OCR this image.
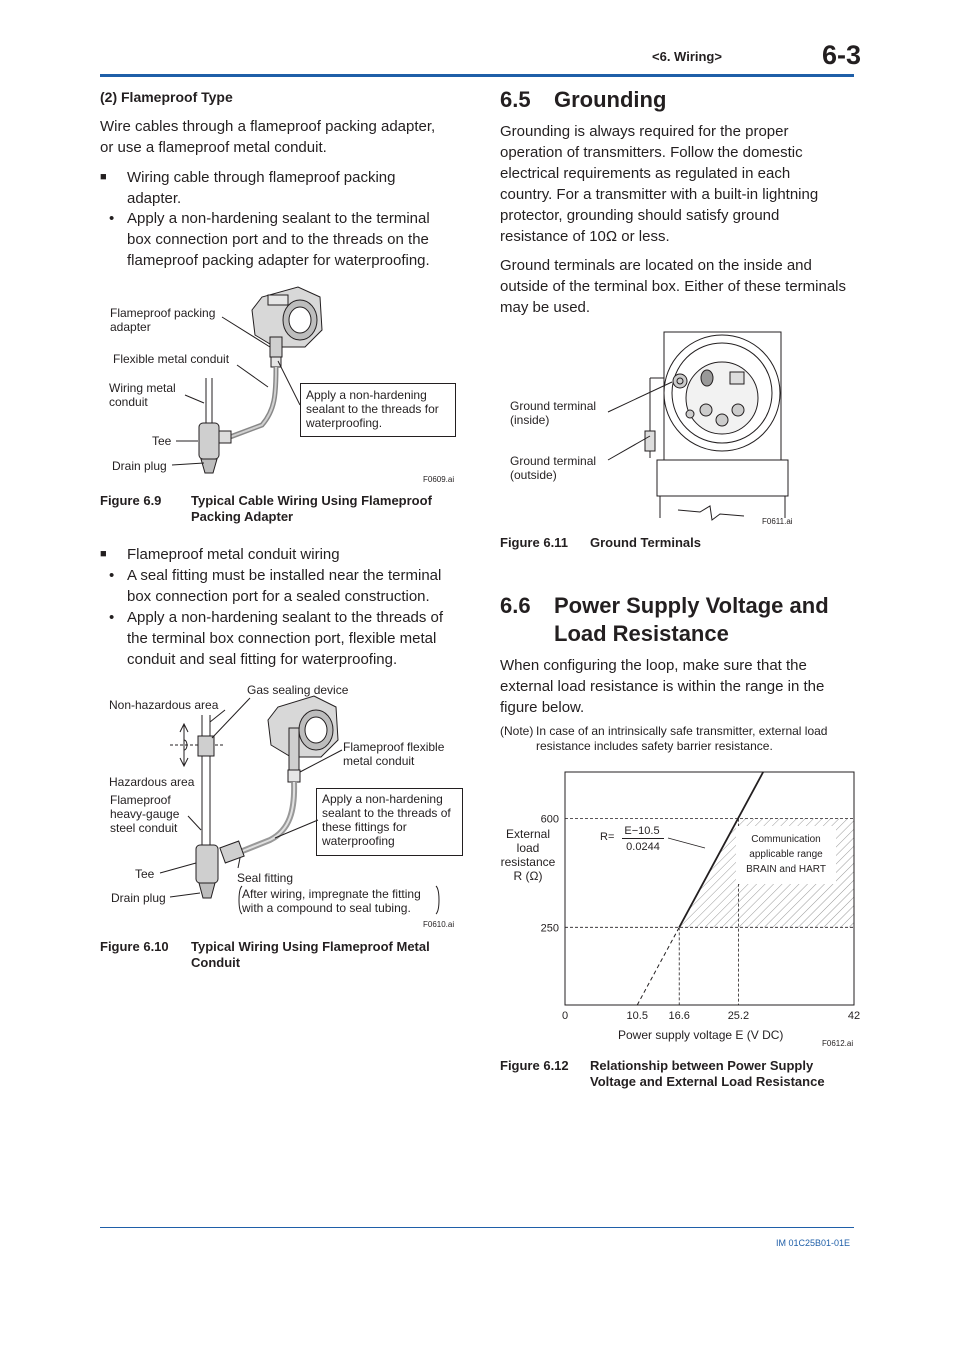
<6. Wiring>	6-3
(2) Flameproof Type
Wire cables through a flameproof packing adapter,
or use a flameproof metal conduit.
■ Wiring cable through flameproof packing
adapter.
• Apply a non-hardening sealant to the terminal
box connection port and to the threads on the
flameproof packing adapter for waterproofing.
Flameproof packing
adapter
Flexible metal conduit
Wiring metal
conduit
Tee
Drain plug
Apply a non-hardening
sealant to the threads for
waterproofing.
F0609.ai
Figure 6.9 Typical Cable Wiring Using Flameproof
Packing Adapter
■ Flameproof metal conduit wiring
• A seal fitting must be installed near the terminal
box connection port for a sealed construction.
• Apply a non-hardening sealant to the threads of
the terminal box connection port, flexible metal
conduit and seal fitting for waterproofing.
Gas sealing device
Non-hazardous area
Hazardous area
Flameproof flexible
metal conduit
Flameproof
heavy-gauge
steel conduit
Apply a non-hardening
sealant to the threads of
these fittings for
waterproofing
Tee	Seal fitting
Drain plug	After wiring, impregnate the fitting
with a compound to seal tubing.
F0610.ai
Figure 6.10 Typical Wiring Using Flameproof Metal
Conduit
6.5 Grounding
Grounding is always required for the proper
operation of transmitters. Follow the domestic
electrical requirements as regulated in each
country. For a transmitter with a built-in lightning
protector, grounding should satisfy ground
resistance of 10Ω or less.
Ground terminals are located on the inside and
outside of the terminal box. Either of these terminals
may be used.
Ground terminal
(inside)
Ground terminal
(outside)
F0611.ai
Figure 6.11 Ground Terminals
6.6 Power Supply Voltage and
Load Resistance
When configuring the loop, make sure that the
external load resistance is within the range in the
figure below.
(Note) In case of an intrinsically safe transmitter, external load
resistance includes safety barrier resistance.
0	10.5 16.6	25.2	42
250
600
External
load
resistance
R (Ω)
Power supply voltage E (V DC)
R= E−10.5
0.0244
Communication
applicable range
BRAIN and HART
F0612.ai
Figure 6.12 Relationship between Power Supply
Voltage and External Load Resistance
IM 01C25B01-01E
